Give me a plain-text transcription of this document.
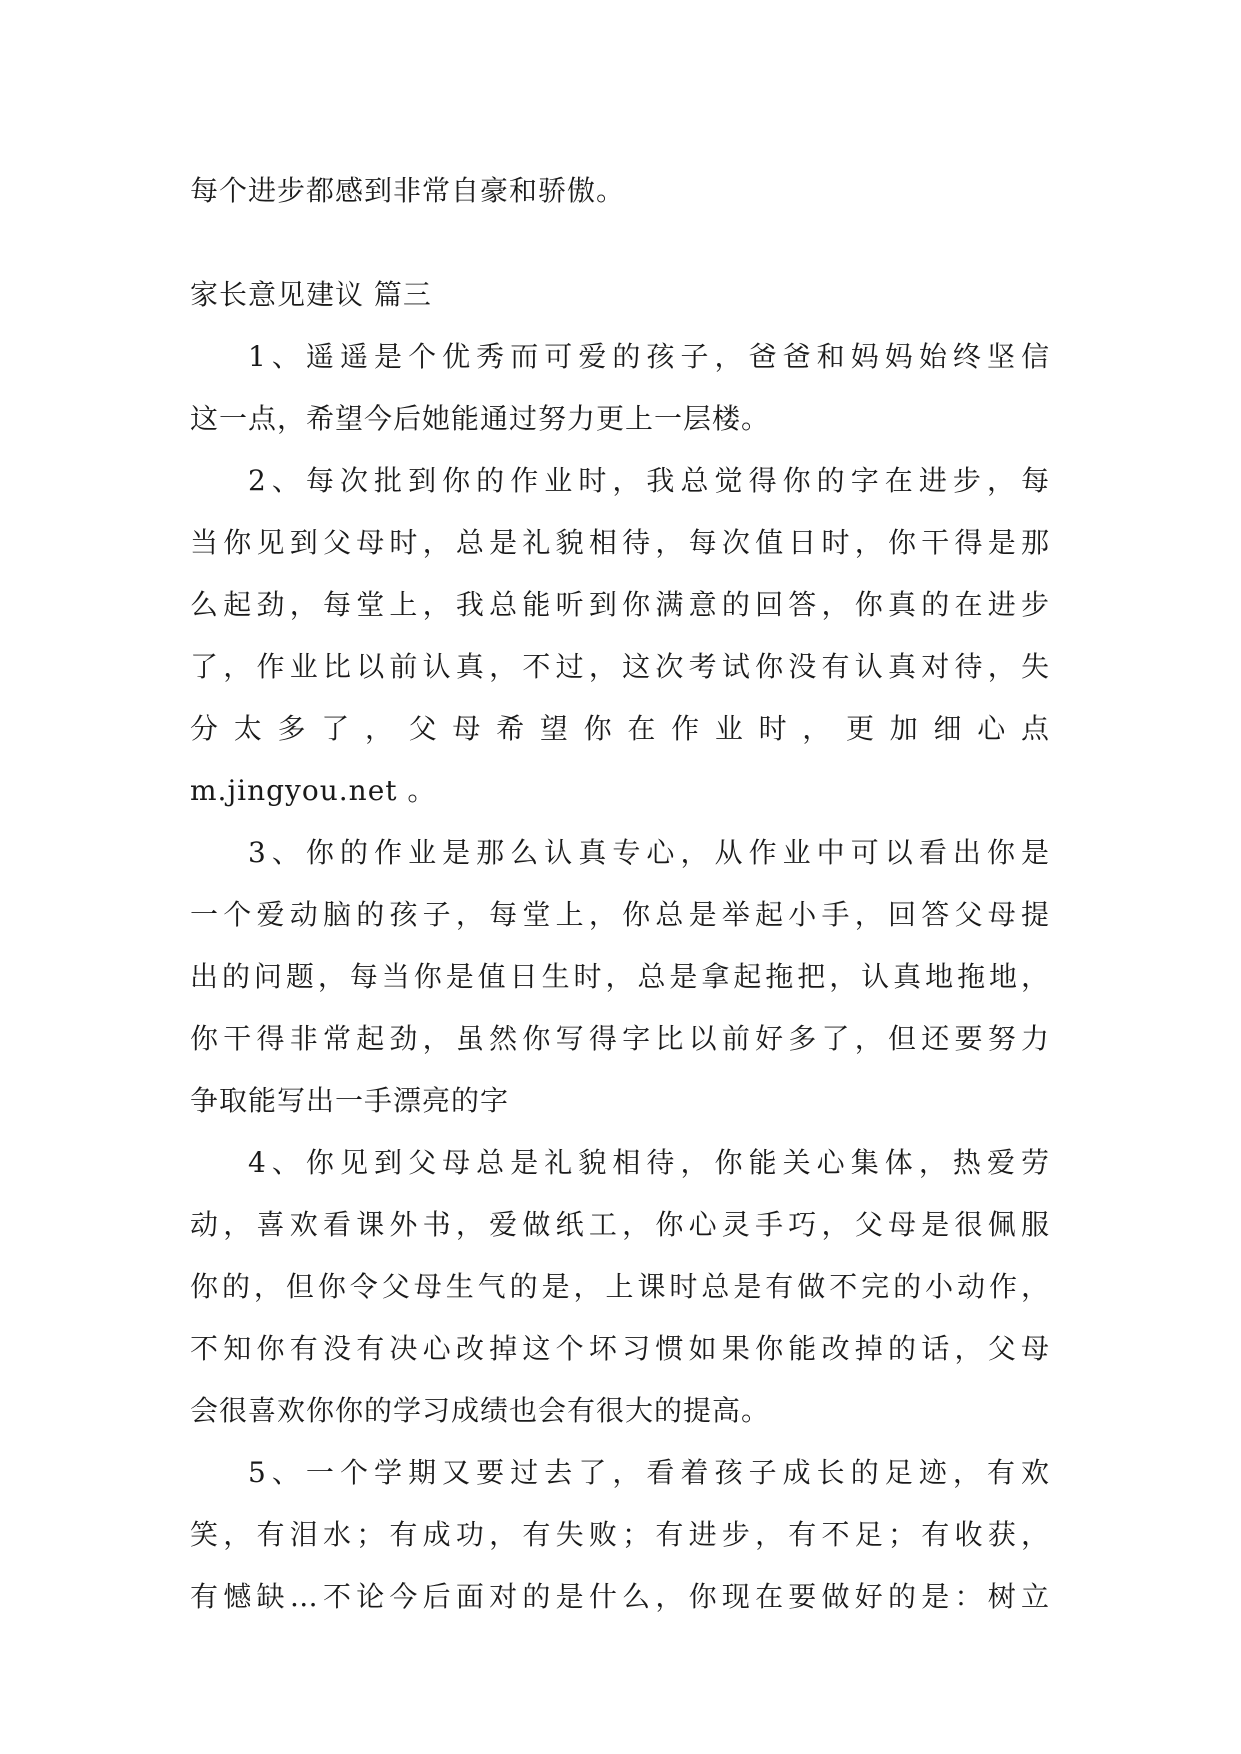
每个进步都感到非常自豪和骄傲。
家长意见建议 篇三
1、遥遥是个优秀而可爱的孩子，爸爸和妈妈始终坚信
这一点，希望今后她能通过努力更上一层楼。
2、每次批到你的作业时，我总觉得你的字在进步，每
当你见到父母时，总是礼貌相待，每次值日时，你干得是那
么起劲，每堂上，我总能听到你满意的回答，你真的在进步
了，作业比以前认真，不过，这次考试你没有认真对待，失
分太多了，父母希望你在作业时，更加细心点
m.jingyou.net 。
3、你的作业是那么认真专心，从作业中可以看出你是
一个爱动脑的孩子，每堂上，你总是举起小手，回答父母提
出的问题，每当你是值日生时，总是拿起拖把，认真地拖地，
你干得非常起劲，虽然你写得字比以前好多了，但还要努力
争取能写出一手漂亮的字
4、你见到父母总是礼貌相待，你能关心集体，热爱劳
动，喜欢看课外书，爱做纸工，你心灵手巧，父母是很佩服
你的，但你令父母生气的是，上课时总是有做不完的小动作，
不知你有没有决心改掉这个坏习惯如果你能改掉的话，父母
会很喜欢你你的学习成绩也会有很大的提高。
5、一个学期又要过去了，看着孩子成长的足迹，有欢
笑，有泪水；有成功，有失败；有进步，有不足；有收获，
有憾缺…不论今后面对的是什么，你现在要做好的是：树立
